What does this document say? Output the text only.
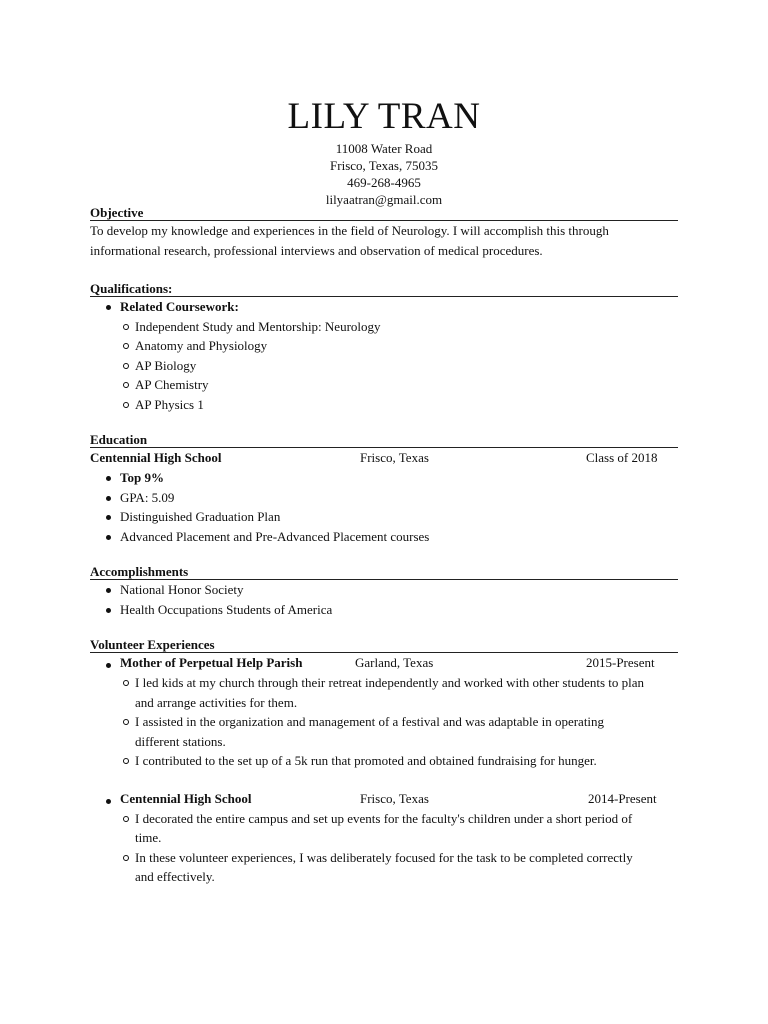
LILY TRAN
11008 Water Road
Frisco, Texas, 75035
469-268-4965
lilyaatran@gmail.com
Objective

To develop my knowledge and experiences in the field of Neurology. I will accomplish this through

informational research, professional interviews and observation of medical procedures.

Qualifications:
Related Coursework:
Independent Study and Mentorship: Neurology
Anatomy and Physiology
AP Biology
AP Chemistry
AP Physics 1
Education
Centennial High School	Frisco, Texas	Class of 2018
Top 9%
GPA: 5.09
Distinguished Graduation Plan
Advanced Placement and Pre-Advanced Placement courses
Accomplishments
National Honor Society
Health Occupations Students of America
Volunteer Experiences
Mother of Perpetual Help Parish	Garland, Texas	2015-Present
I led kids at my church through their retreat independently and worked with other students to plan
and arrange activities for them.
I assisted in the organization and management of a festival and was adaptable in operating
different stations.
I contributed to the set up of a 5k run that promoted and obtained fundraising for hunger.
Centennial High School	Frisco, Texas	2014-Present
I decorated the entire campus and set up events for the faculty's children under a short period of
time.
In these volunteer experiences, I was deliberately focused for the task to be completed correctly
and effectively.
